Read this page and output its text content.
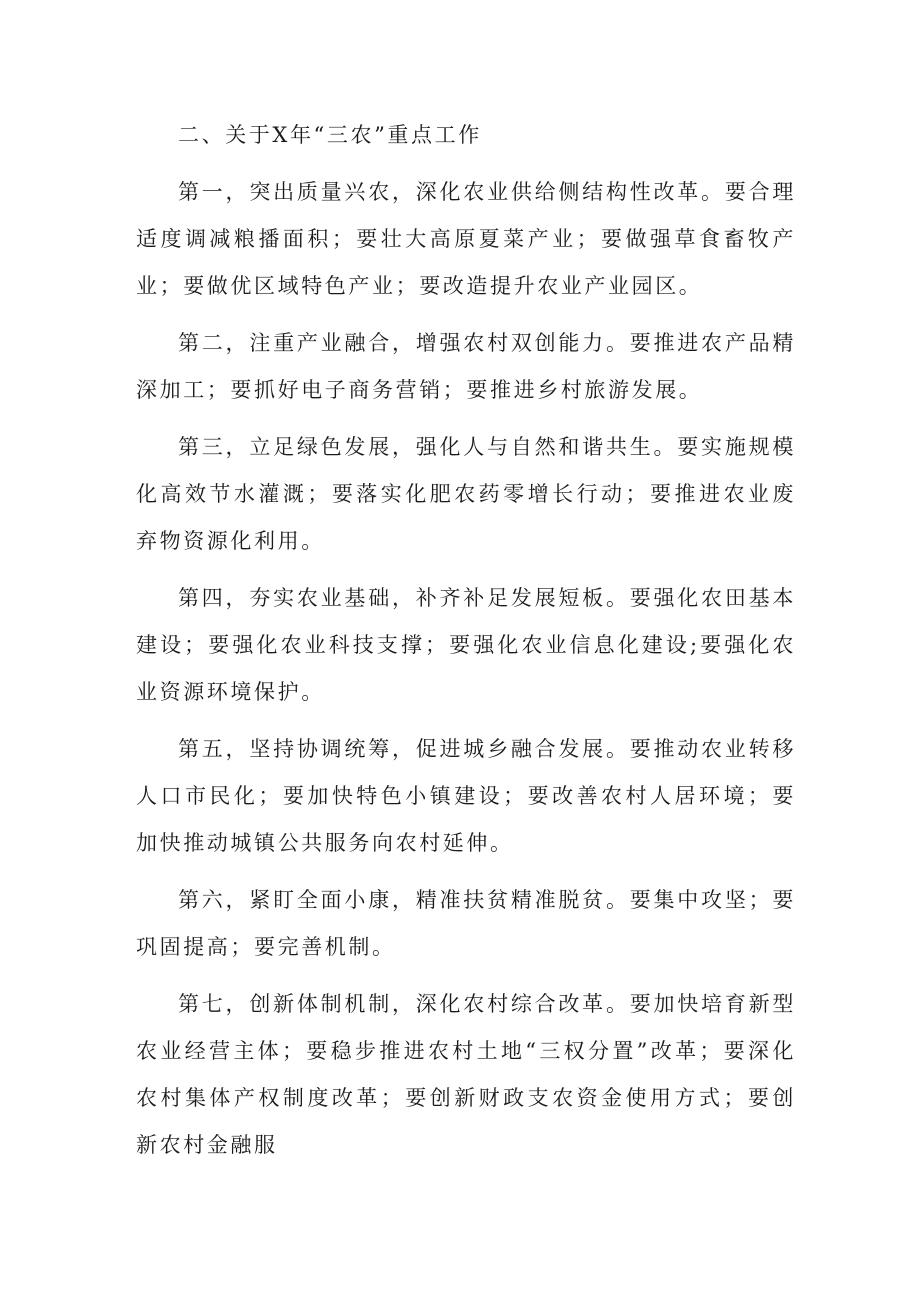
二、关于X年“三农”重点工作

第一，突出质量兴农，深化农业供给侧结构性改革。要合理适度调减粮播面积；要壮大高原夏菜产业；要做强草食畜牧产业；要做优区域特色产业；要改造提升农业产业园区。

第二，注重产业融合，增强农村双创能力。要推进农产品精深加工；要抓好电子商务营销；要推进乡村旅游发展。

第三，立足绿色发展，强化人与自然和谐共生。要实施规模化高效节水灌溉；要落实化肥农药零增长行动；要推进农业废弃物资源化利用。

第四，夯实农业基础，补齐补足发展短板。要强化农田基本建设；要强化农业科技支撑；要强化农业信息化建设;要强化农业资源环境保护。

第五，坚持协调统筹，促进城乡融合发展。要推动农业转移人口市民化；要加快特色小镇建设；要改善农村人居环境；要加快推动城镇公共服务向农村延伸。

第六，紧盯全面小康，精准扶贫精准脱贫。要集中攻坚；要巩固提高；要完善机制。

第七，创新体制机制，深化农村综合改革。要加快培育新型农业经营主体；要稳步推进农村土地“三权分置”改革；要深化农村集体产权制度改革；要创新财政支农资金使用方式；要创新农村金融服
